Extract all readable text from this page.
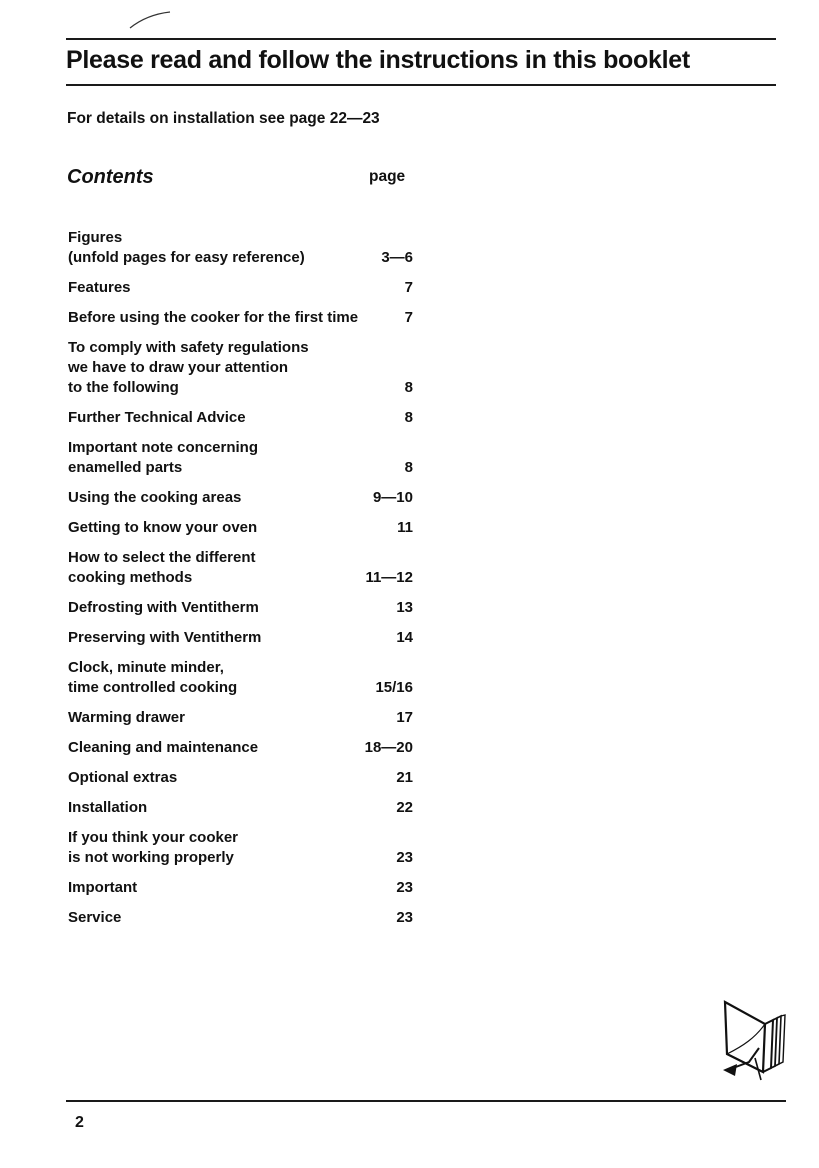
Please read and follow the instructions in this booklet
For details on installation see page 22—23
Contents	page
Figures
(unfold pages for easy reference)	3—6
Features	7
Before using the cooker for the first time	7
To comply with safety regulations
we have to draw your attention
to the following	8
Further Technical Advice	8
Important note concerning
enamelled parts	8
Using the cooking areas	9—10
Getting to know your oven	11
How to select the different
cooking methods	11—12
Defrosting with Ventitherm	13
Preserving with Ventitherm	14
Clock, minute minder,
time controlled cooking	15/16
Warming drawer	17
Cleaning and maintenance	18—20
Optional extras	21
Installation	22
If you think your cooker
is not working properly	23
Important	23
Service	23
2
